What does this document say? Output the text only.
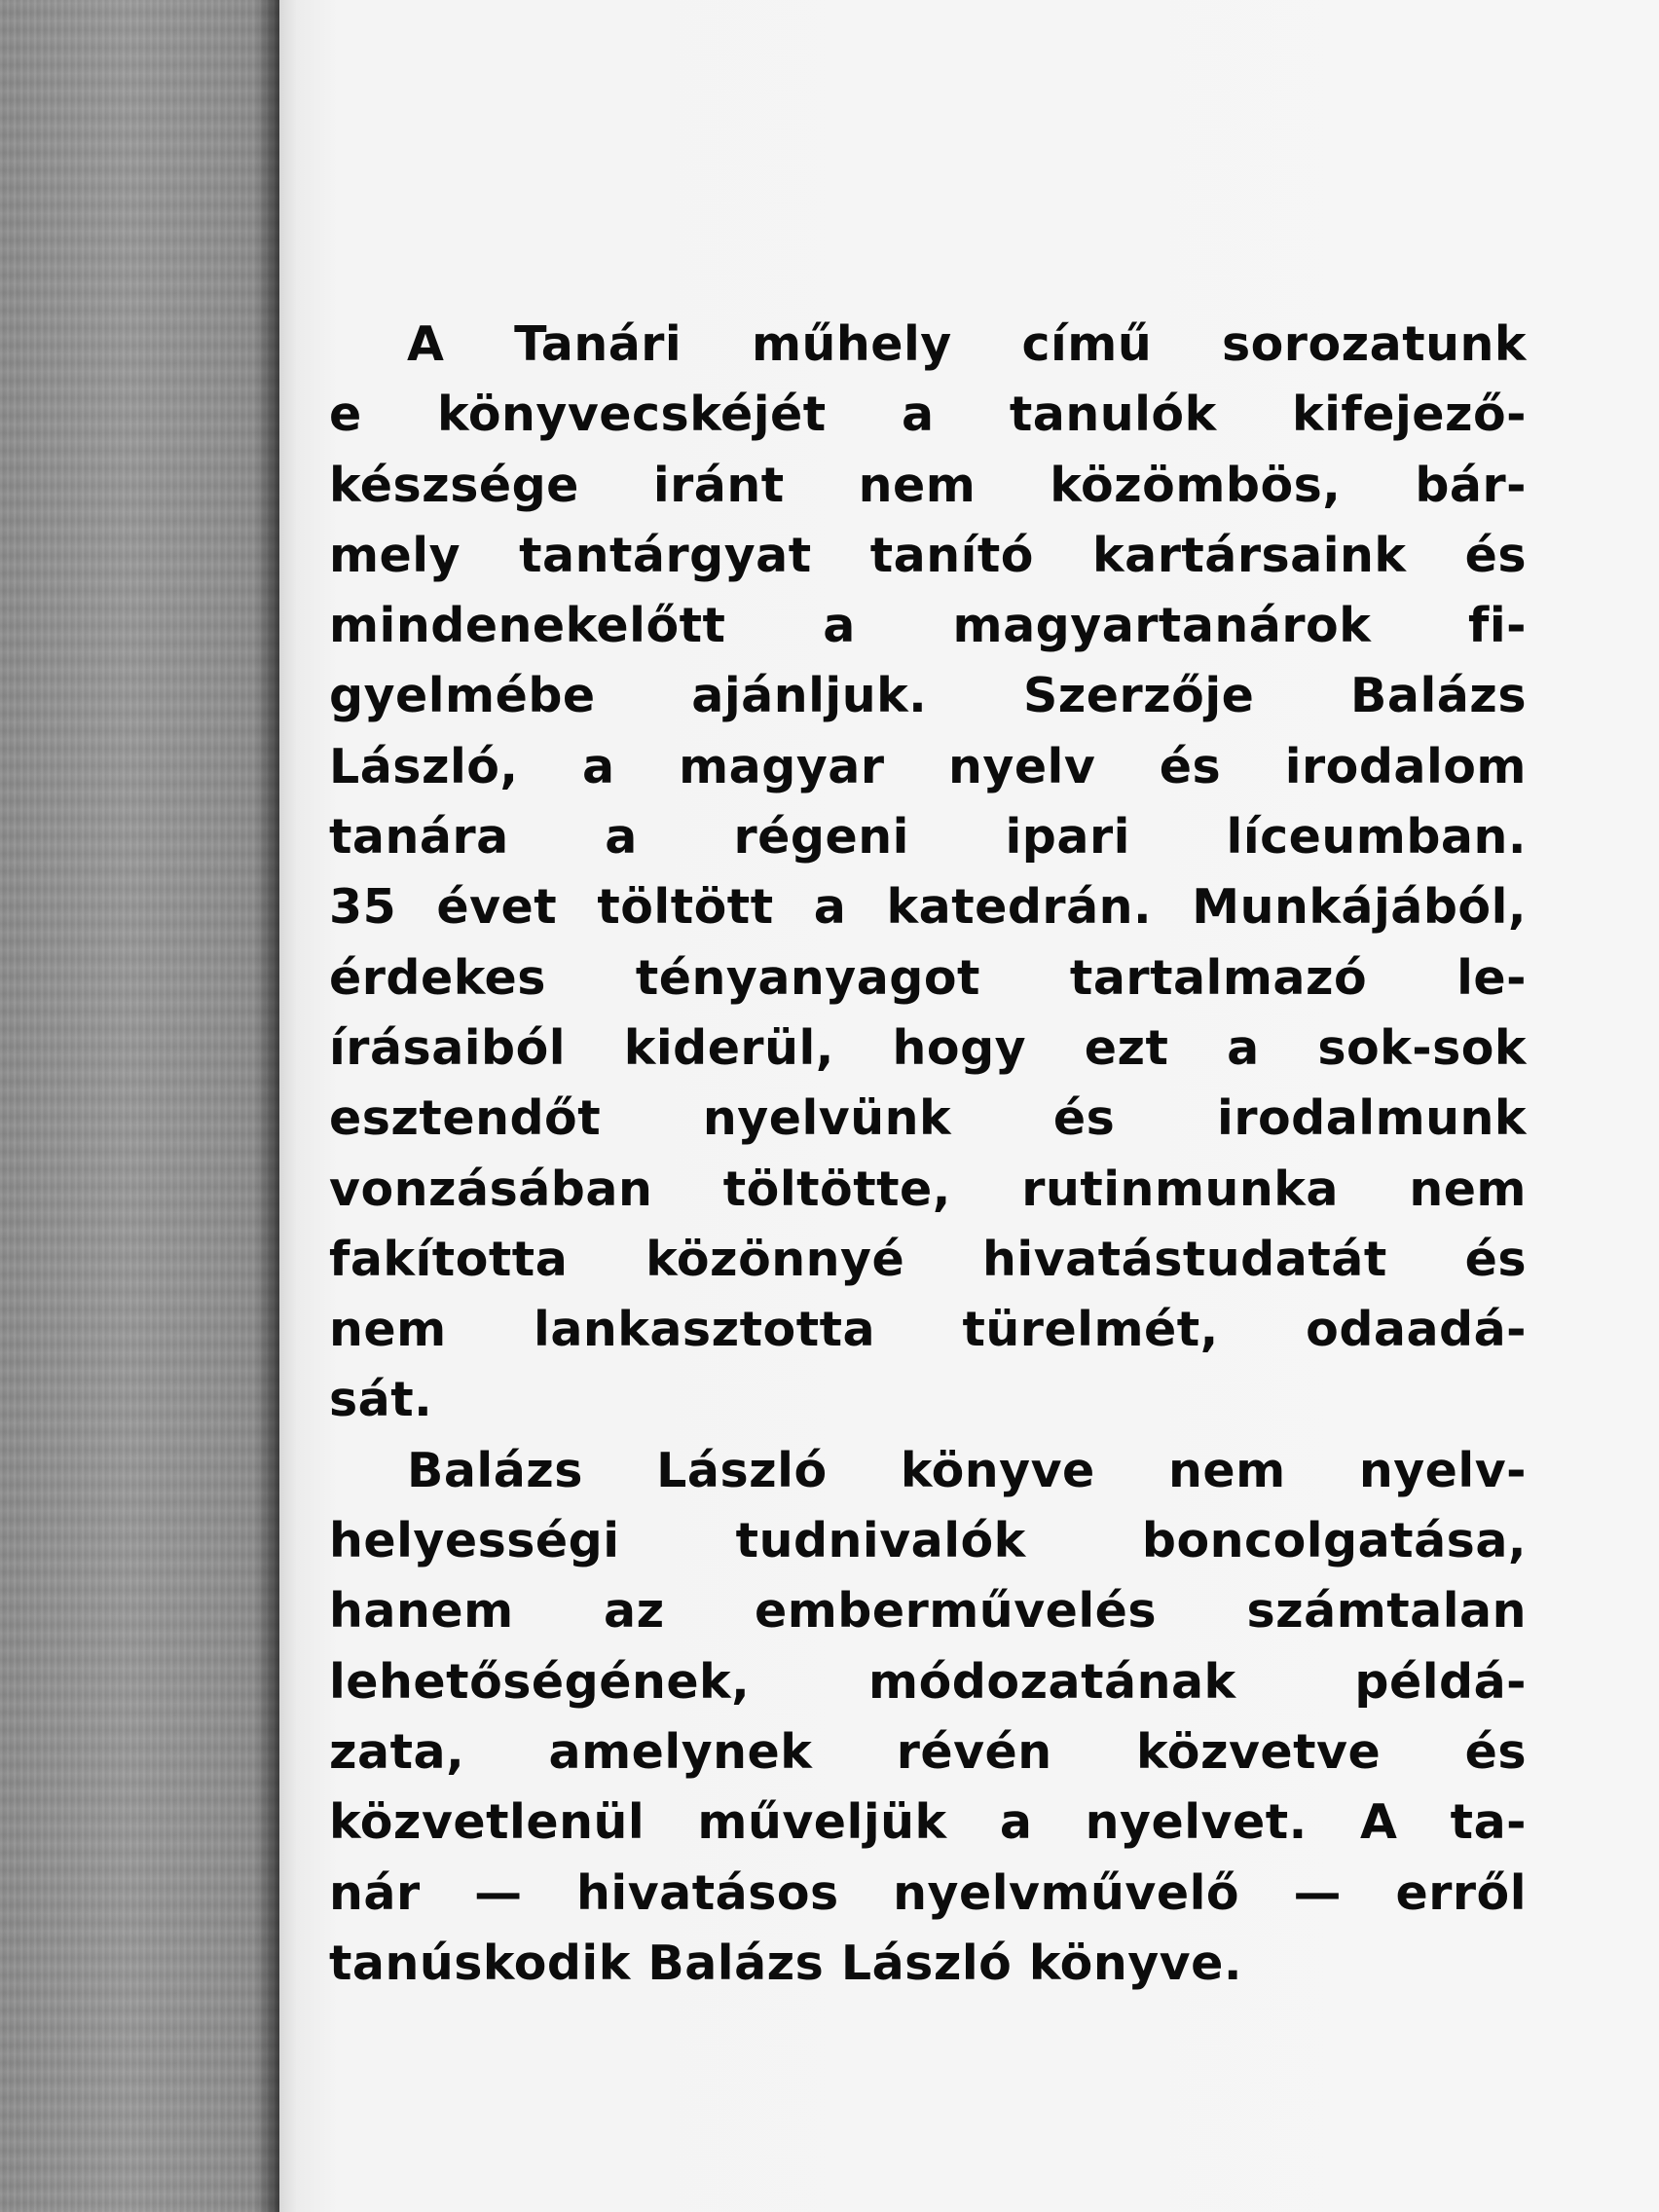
A Tanári műhely című sorozatunk
e könyvecskéjét a tanulók kifejező-
készsége iránt nem közömbös, bár-
mely tantárgyat tanító kartársaink és
mindenekelőtt a magyartanárok fi-
gyelmébe ajánljuk. Szerzője Balázs
László, a magyar nyelv és irodalom
tanára a régeni ipari líceumban.
35 évet töltött a katedrán. Munkájából,
érdekes tényanyagot tartalmazó le-
írásaiból kiderül, hogy ezt a sok-sok
esztendőt nyelvünk és irodalmunk
vonzásában töltötte, rutinmunka nem
fakította közönnyé hivatástudatát és
nem lankasztotta türelmét, odaadá-
sát.
Balázs László könyve nem nyelv-
helyességi tudnivalók boncolgatása,
hanem az emberművelés számtalan
lehetőségének, módozatának példá-
zata, amelynek révén közvetve és
közvetlenül műveljük a nyelvet. A ta-
nár — hivatásos nyelvművelő — erről
tanúskodik Balázs László könyve.
